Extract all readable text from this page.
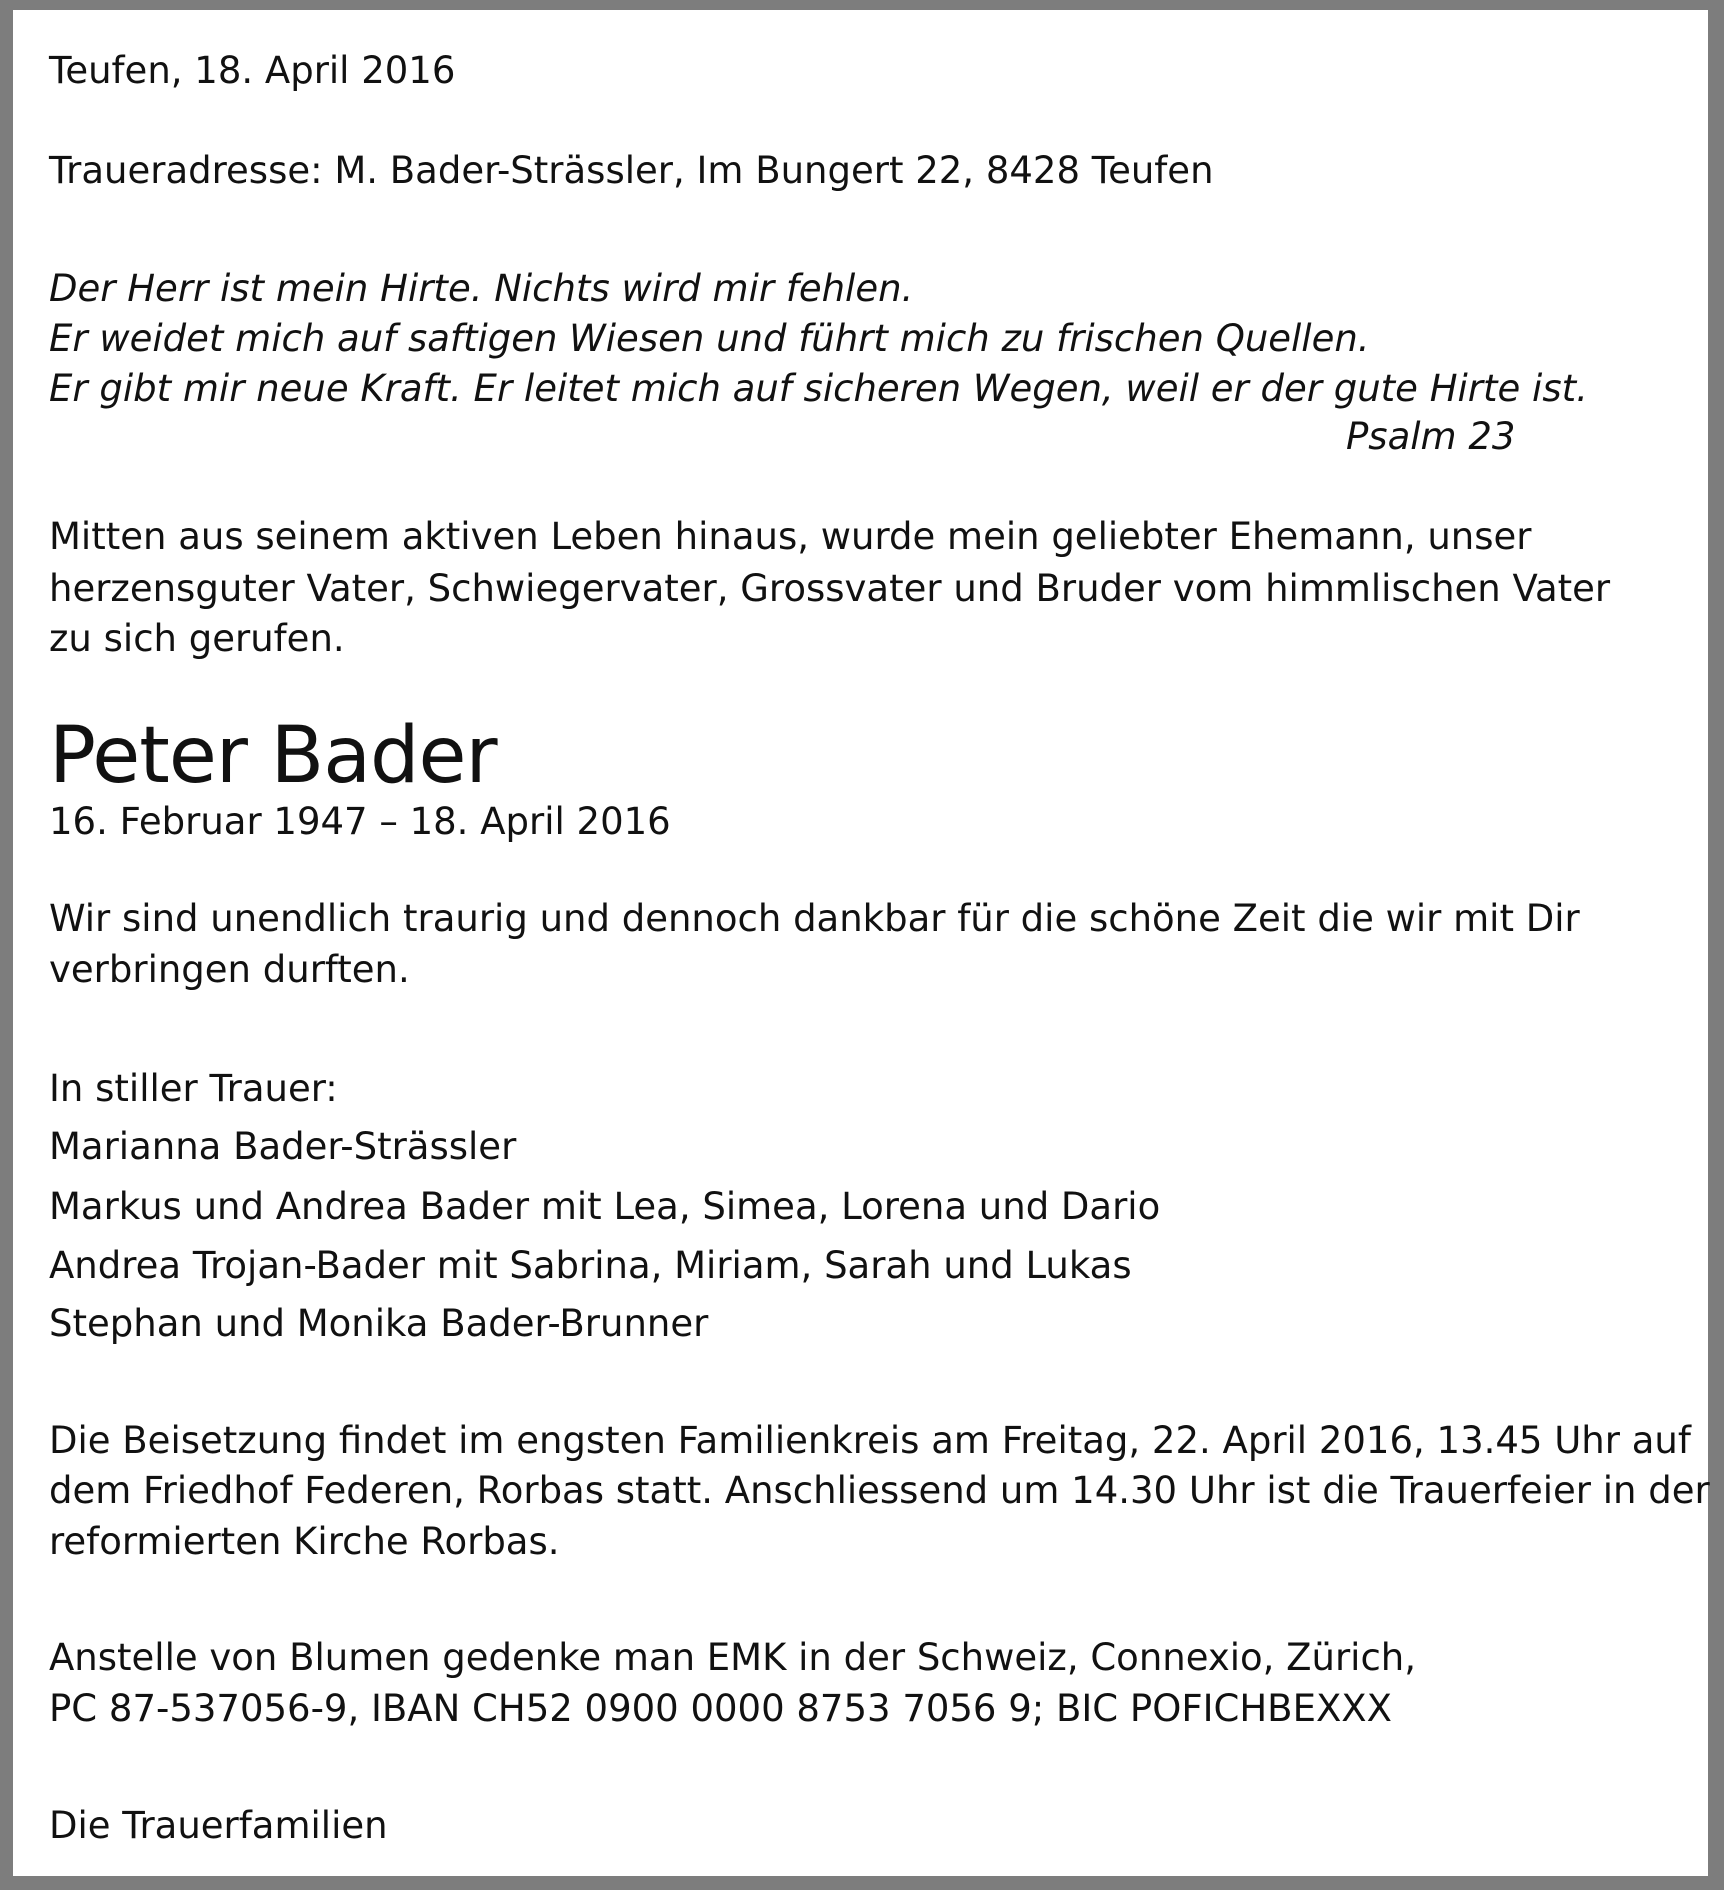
Teufen, 18. April 2016
Traueradresse: M. Bader-Strässler, Im Bungert 22, 8428 Teufen
Der Herr ist mein Hirte. Nichts wird mir fehlen.
Er weidet mich auf saftigen Wiesen und führt mich zu frischen Quellen.
Er gibt mir neue Kraft. Er leitet mich auf sicheren Wegen, weil er der gute Hirte ist.
Psalm 23
Mitten aus seinem aktiven Leben hinaus, wurde mein geliebter Ehemann, unser
herzensguter Vater, Schwiegervater, Grossvater und Bruder vom himmlischen Vater
zu sich gerufen.
Peter Bader
16. Februar 1947 – 18. April 2016
Wir sind unendlich traurig und dennoch dankbar für die schöne Zeit die wir mit Dir
verbringen durften.
In stiller Trauer:
Marianna Bader-Strässler
Markus und Andrea Bader mit Lea, Simea, Lorena und Dario
Andrea Trojan-Bader mit Sabrina, Miriam, Sarah und Lukas
Stephan und Monika Bader-Brunner
Die Beisetzung findet im engsten Familienkreis am Freitag, 22. April 2016, 13.45 Uhr auf
dem Friedhof Federen, Rorbas statt. Anschliessend um 14.30 Uhr ist die Trauerfeier in der
reformierten Kirche Rorbas.
Anstelle von Blumen gedenke man EMK in der Schweiz, Connexio, Zürich,
PC 87-537056-9, IBAN CH52 0900 0000 8753 7056 9; BIC POFICHBEXXX
Die Trauerfamilien
